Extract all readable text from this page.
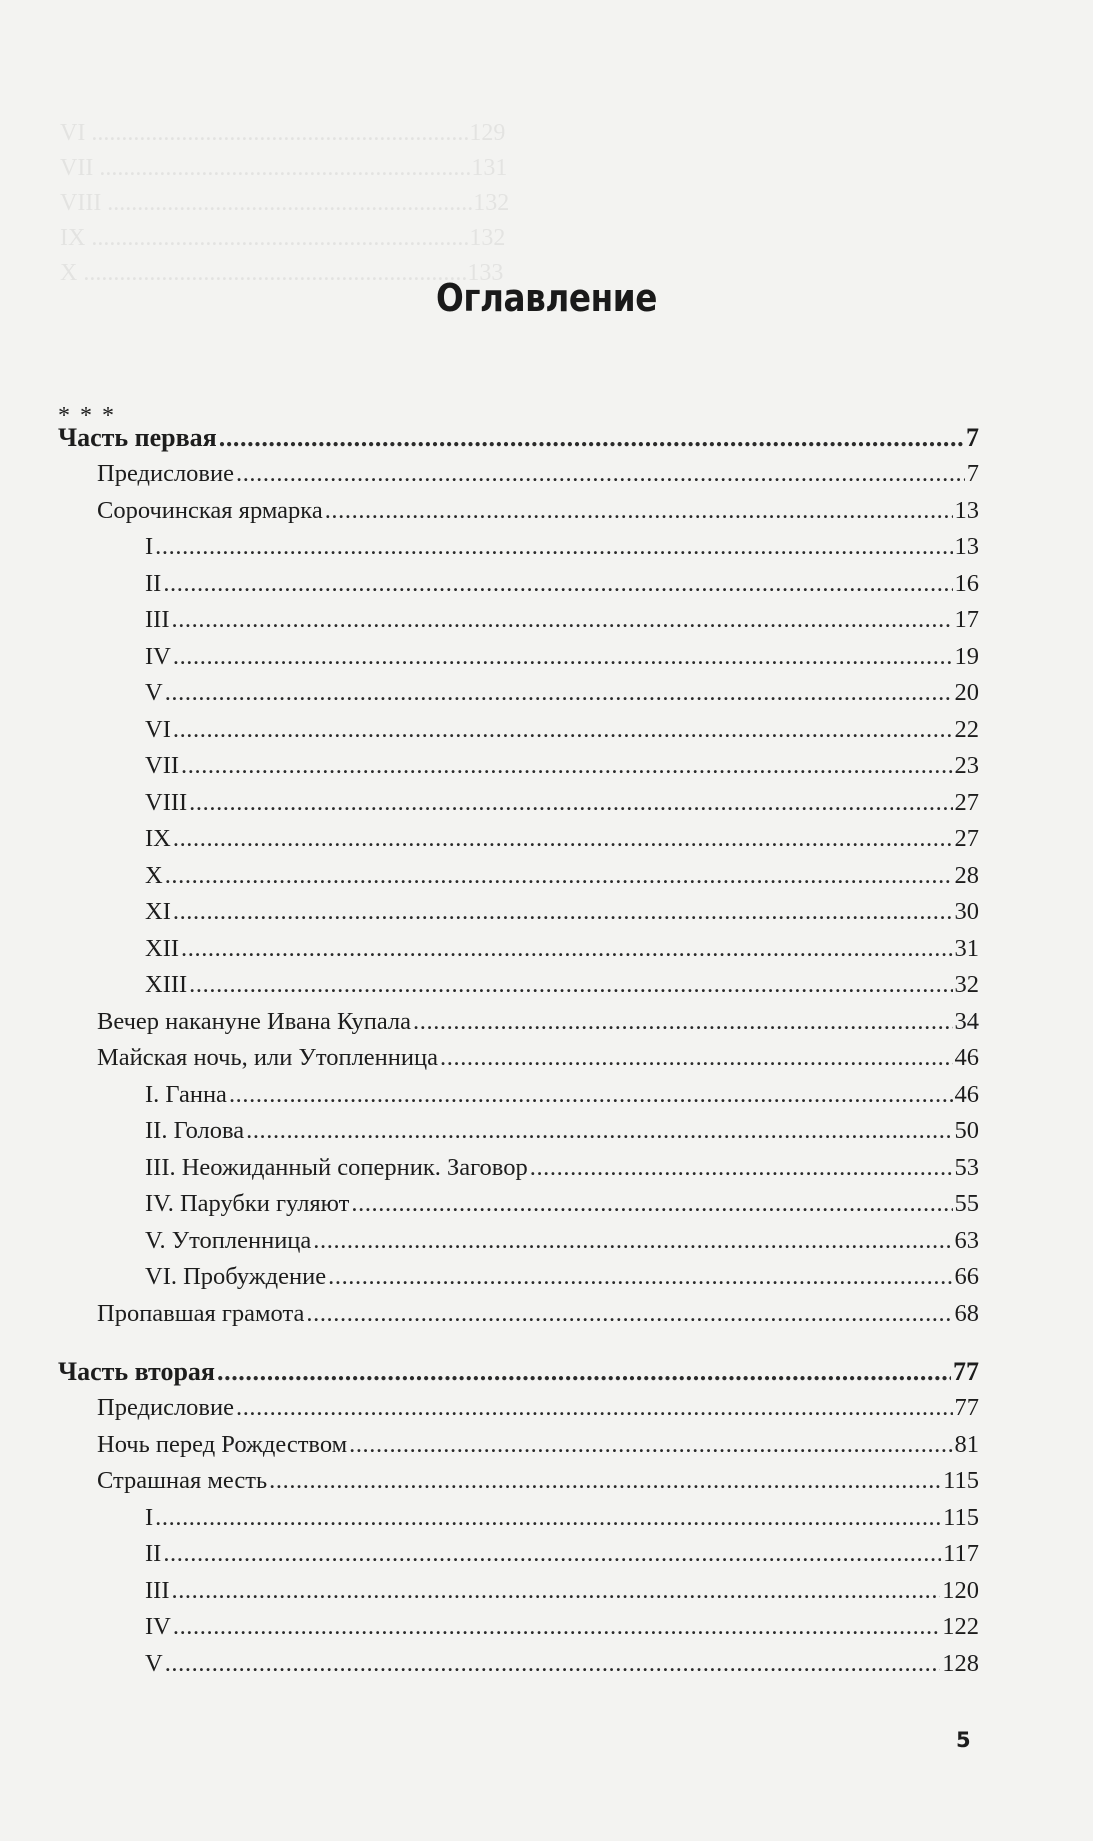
VI ...............................................................129
VII ..............................................................131
VIII .............................................................132
IX ...............................................................132
X ................................................................133
Оглавление
* * *
Часть первая .....	7
Предисловие .....	7
Сорочинская ярмарка .....	13
I .....	13
II .....	16
III .....	17
IV .....	19
V .....	20
VI .....	22
VII .....	23
VIII .....	27
IX .....	27
X .....	28
XI .....	30
XII .....	31
XIII .....	32
Вечер накануне Ивана Купала .....	34
Майская ночь, или Утопленница .....	46
I. Ганна .....	46
II. Голова .....	50
III. Неожиданный соперник. Заговор .....	53
IV. Парубки гуляют .....	55
V. Утопленница .....	63
VI. Пробуждение .....	66
Пропавшая грамота .....	68
Часть вторая .....	77
Предисловие .....	77
Ночь перед Рождеством .....	81
Страшная месть .....	115
I .....	115
II .....	117
III .....	120
IV .....	122
V .....	128
5
